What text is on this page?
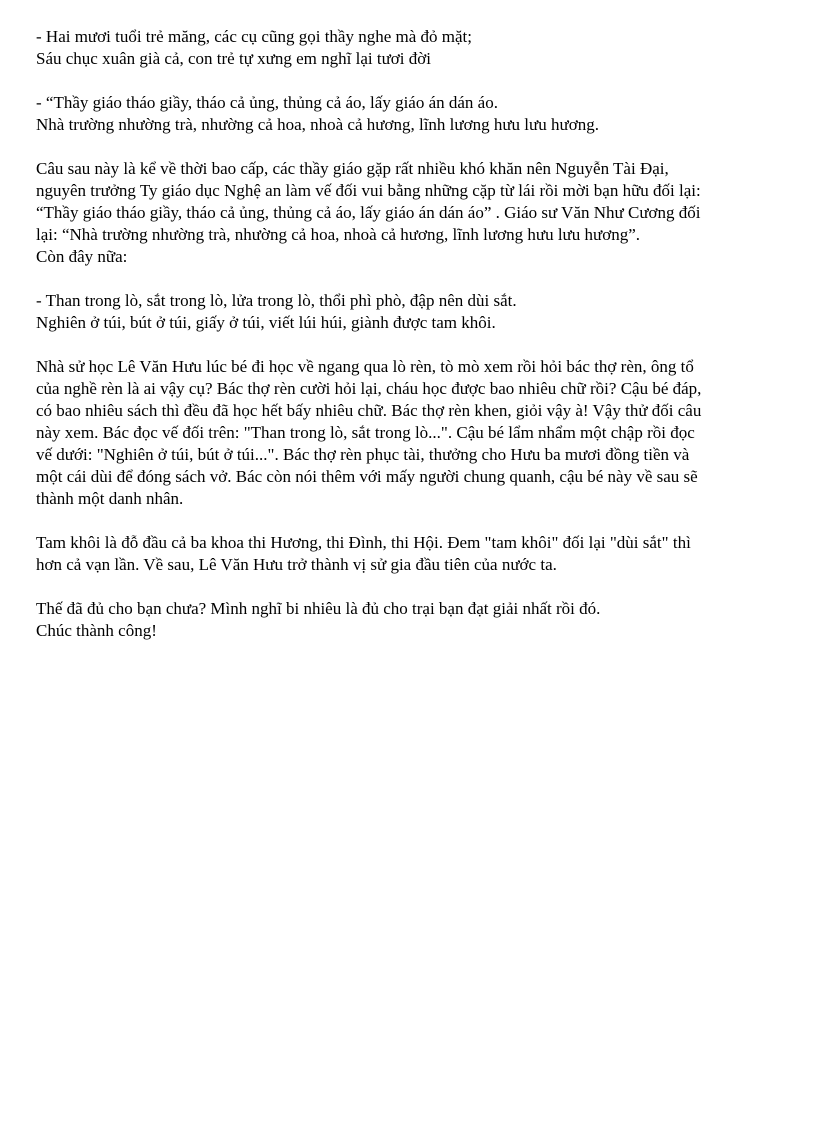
- Hai mươi tuổi trẻ măng, các cụ cũng gọi thầy nghe mà đỏ mặt;
Sáu chục xuân già cả, con trẻ tự xưng em nghĩ lại tươi đời

- “Thầy giáo tháo giầy, tháo cả ủng, thủng cả áo, lấy giáo án dán áo.
Nhà trường nhường trà, nhường cả hoa, nhoà cả hương, lĩnh lương hưu lưu hương.

Câu sau này là kể về thời bao cấp, các thầy giáo gặp rất nhiều khó khăn nên Nguyễn Tài Đại,
nguyên trưởng Ty giáo dục Nghệ an làm vế đối vui bằng những cặp từ lái rồi mời bạn hữu đối lại:
“Thầy giáo tháo giầy, tháo cả ủng, thủng cả áo, lấy giáo án dán áo” . Giáo sư Văn Như Cương đối
lại: “Nhà trường nhường trà, nhường cả hoa, nhoà cả hương, lĩnh lương hưu lưu hương”.
Còn đây nữa:

- Than trong lò, sắt trong lò, lửa trong lò, thổi phì phò, đập nên dùi sắt.
Nghiên ở túi, bút ở túi, giấy ở túi, viết lúi húi, giành được tam khôi.

Nhà sử học Lê Văn Hưu lúc bé đi học về ngang qua lò rèn, tò mò xem rồi hỏi bác thợ rèn, ông tổ
của nghề rèn là ai vậy cụ? Bác thợ rèn cười hỏi lại, cháu học được bao nhiêu chữ rồi? Cậu bé đáp,
có bao nhiêu sách thì đều đã học hết bấy nhiêu chữ. Bác thợ rèn khen, giỏi vậy à! Vậy thử đối câu
này xem. Bác đọc vế đối trên: "Than trong lò, sắt trong lò...". Cậu bé lẩm nhẩm một chập rồi đọc
vế dưới: "Nghiên ở túi, bút ở túi...". Bác thợ rèn phục tài, thưởng cho Hưu ba mươi đồng tiền và
một cái dùi để đóng sách vở. Bác còn nói thêm với mấy người chung quanh, cậu bé này về sau sẽ
thành một danh nhân.

Tam khôi là đỗ đầu cả ba khoa thi Hương, thi Đình, thi Hội. Đem "tam khôi" đối lại "dùi sắt" thì
hơn cả vạn lần. Về sau, Lê Văn Hưu trở thành vị sử gia đầu tiên của nước ta.

Thế đã đủ cho bạn chưa? Mình nghĩ bi nhiêu là đủ cho trại bạn đạt giải nhất rồi đó.
Chúc thành công!
